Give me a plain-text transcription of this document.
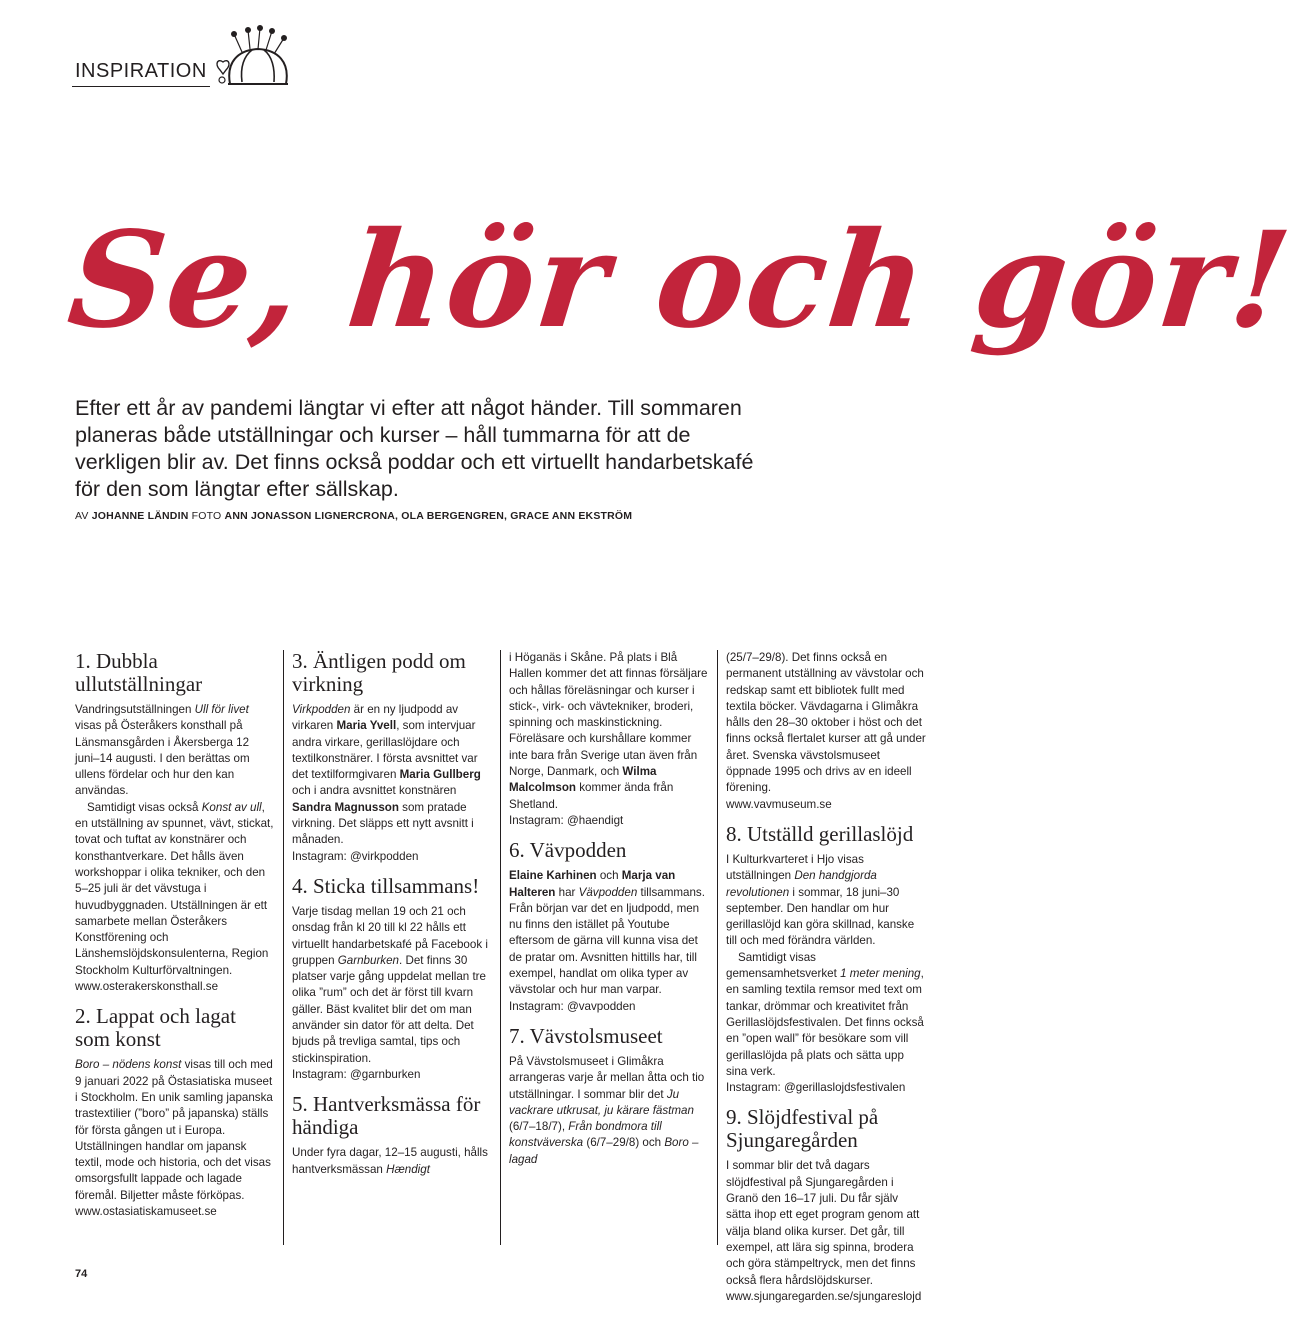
INSPIRATION
Se, hör och gör!
Efter ett år av pandemi längtar vi efter att något händer. Till sommaren planeras både utställningar och kurser – håll tummarna för att de verkligen blir av. Det finns också poddar och ett virtuellt handarbetskafé för den som längtar efter sällskap.
AV JOHANNE LÄNDIN FOTO ANN JONASSON LIGNERCRONA, OLA BERGENGREN, GRACE ANN EKSTRÖM
1. Dubbla ullutställningar

Vandringsutställningen Ull för livet visas på Österåkers konsthall på Länsmansgården i Åkersberga 12 juni–14 augusti. I den berättas om ullens fördelar och hur den kan användas.

Samtidigt visas också Konst av ull, en utställning av spunnet, vävt, stickat, tovat och tuftat av konstnärer och konsthantverkare. Det hålls även workshoppar i olika tekniker, och den 5–25 juli är det vävstuga i huvudbyggnaden. Utställningen är ett samarbete mellan Österåkers Konstförening och Länshemslöjdskonsulenterna, Region Stockholm Kulturförvaltningen.

www.osterakerskonsthall.se

2. Lappat och lagat som konst

Boro – nödens konst visas till och med 9 januari 2022 på Östasiatiska museet i Stockholm. En unik samling japanska trastextilier (”boro” på japanska) ställs för första gången ut i Europa. Utställningen handlar om japansk textil, mode och historia, och det visas omsorgsfullt lappade och lagade föremål. Biljetter måste förköpas.

www.ostasiatiskamuseet.se

3. Äntligen podd om virkning

Virkpodden är en ny ljudpodd av virkaren Maria Yvell, som intervjuar andra virkare, gerillaslöjdare och textilkonstnärer. I första avsnittet var det textilformgivaren Maria Gullberg och i andra avsnittet konstnären Sandra Magnusson som pratade virkning. Det släpps ett nytt avsnitt i månaden.

Instagram: @virkpodden

4. Sticka tillsammans!

Varje tisdag mellan 19 och 21 och onsdag från kl 20 till kl 22 hålls ett virtuellt handarbetskafé på Facebook i gruppen Garnburken. Det finns 30 platser varje gång uppdelat mellan tre olika ”rum” och det är först till kvarn gäller. Bäst kvalitet blir det om man använder sin dator för att delta. Det bjuds på trevliga samtal, tips och stickinspiration.

Instagram: @garnburken

5. Hantverksmässa för händiga

Under fyra dagar, 12–15 augusti, hålls hantverksmässan Hændigt

i Höganäs i Skåne. På plats i Blå Hallen kommer det att finnas försäljare och hållas föreläsningar och kurser i stick-, virk- och vävtekniker, broderi, spinning och maskinstickning. Föreläsare och kurshållare kommer inte bara från Sverige utan även från Norge, Danmark, och Wilma Malcolmson kommer ända från Shetland.

Instagram: @haendigt

6. Vävpodden

Elaine Karhinen och Marja van Halteren har Vävpodden tillsammans. Från början var det en ljudpodd, men nu finns den istället på Youtube eftersom de gärna vill kunna visa det de pratar om. Avsnitten hittills har, till exempel, handlat om olika typer av vävstolar och hur man varpar.

Instagram: @vavpodden

7. Vävstolsmuseet

På Vävstolsmuseet i Glimåkra arrangeras varje år mellan åtta och tio utställningar. I sommar blir det Ju vackrare utkrusat, ju kärare fästman (6/7–18/7), Från bondmora till konstväverska (6/7–29/8) och Boro – lagad

(25/7–29/8). Det finns också en permanent utställning av vävstolar och redskap samt ett bibliotek fullt med textila böcker. Vävdagarna i Glimåkra hålls den 28–30 oktober i höst och det finns också flertalet kurser att gå under året. Svenska vävstolsmuseet öppnade 1995 och drivs av en ideell förening.

www.vavmuseum.se

8. Utställd gerillaslöjd

I Kulturkvarteret i Hjo visas utställningen Den handgjorda revolutionen i sommar, 18 juni–30 september. Den handlar om hur gerillaslöjd kan göra skillnad, kanske till och med förändra världen.

Samtidigt visas gemensamhetsverket 1 meter mening, en samling textila remsor med text om tankar, drömmar och kreativitet från Gerillaslöjdsfestivalen. Det finns också en ”open wall” för besökare som vill gerillaslöjda på plats och sätta upp sina verk.

Instagram: @gerillaslojdsfestivalen

9. Slöjdfestival på Sjungaregården

I sommar blir det två dagars slöjdfestival på Sjungaregården i Granö den 16–17 juli. Du får själv sätta ihop ett eget program genom att välja bland olika kurser. Det går, till exempel, att lära sig spinna, brodera och göra stämpeltryck, men det finns också flera hårdslöjdskurser.

www.sjungaregarden.se/sjungareslojd

74
